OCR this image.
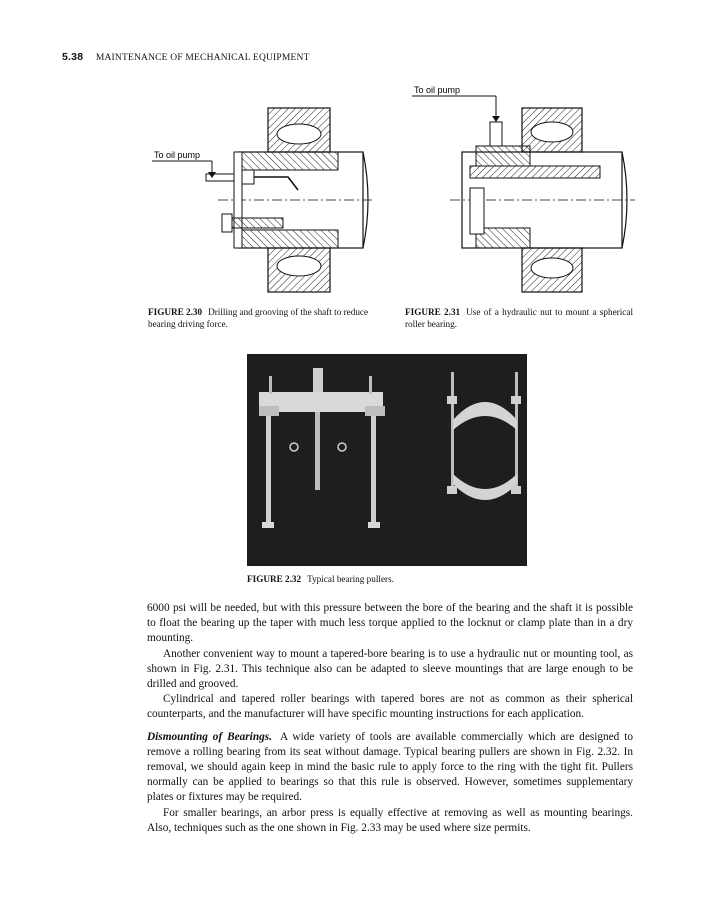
5.38 MAINTENANCE OF MECHANICAL EQUIPMENT
To oil pump
FIGURE 2.30 Drilling and grooving of the shaft to reduce bearing driving force.
To oil pump
FIGURE 2.31 Use of a hydraulic nut to mount a spherical roller bearing.
FIGURE 2.32 Typical bearing pullers.

6000 psi will be needed, but with this pressure between the bore of the bearing and the shaft it is possible to float the bearing up the taper with much less torque applied to the locknut or clamp plate than in a dry mounting.

Another convenient way to mount a tapered-bore bearing is to use a hydraulic nut or mounting tool, as shown in Fig. 2.31. This technique also can be adapted to sleeve mountings that are large enough to be drilled and grooved.

Cylindrical and tapered roller bearings with tapered bores are not as common as their spherical counterparts, and the manufacturer will have specific mounting instructions for each application.

Dismounting of Bearings. A wide variety of tools are available commercially which are designed to remove a rolling bearing from its seat without damage. Typical bearing pullers are shown in Fig. 2.32. In removal, we should again keep in mind the basic rule to apply force to the ring with the tight fit. Pullers normally can be applied to bearings so that this rule is observed. However, sometimes supplementary plates or fixtures may be required.

For smaller bearings, an arbor press is equally effective at removing as well as mounting bearings. Also, techniques such as the one shown in Fig. 2.33 may be used where size permits.
